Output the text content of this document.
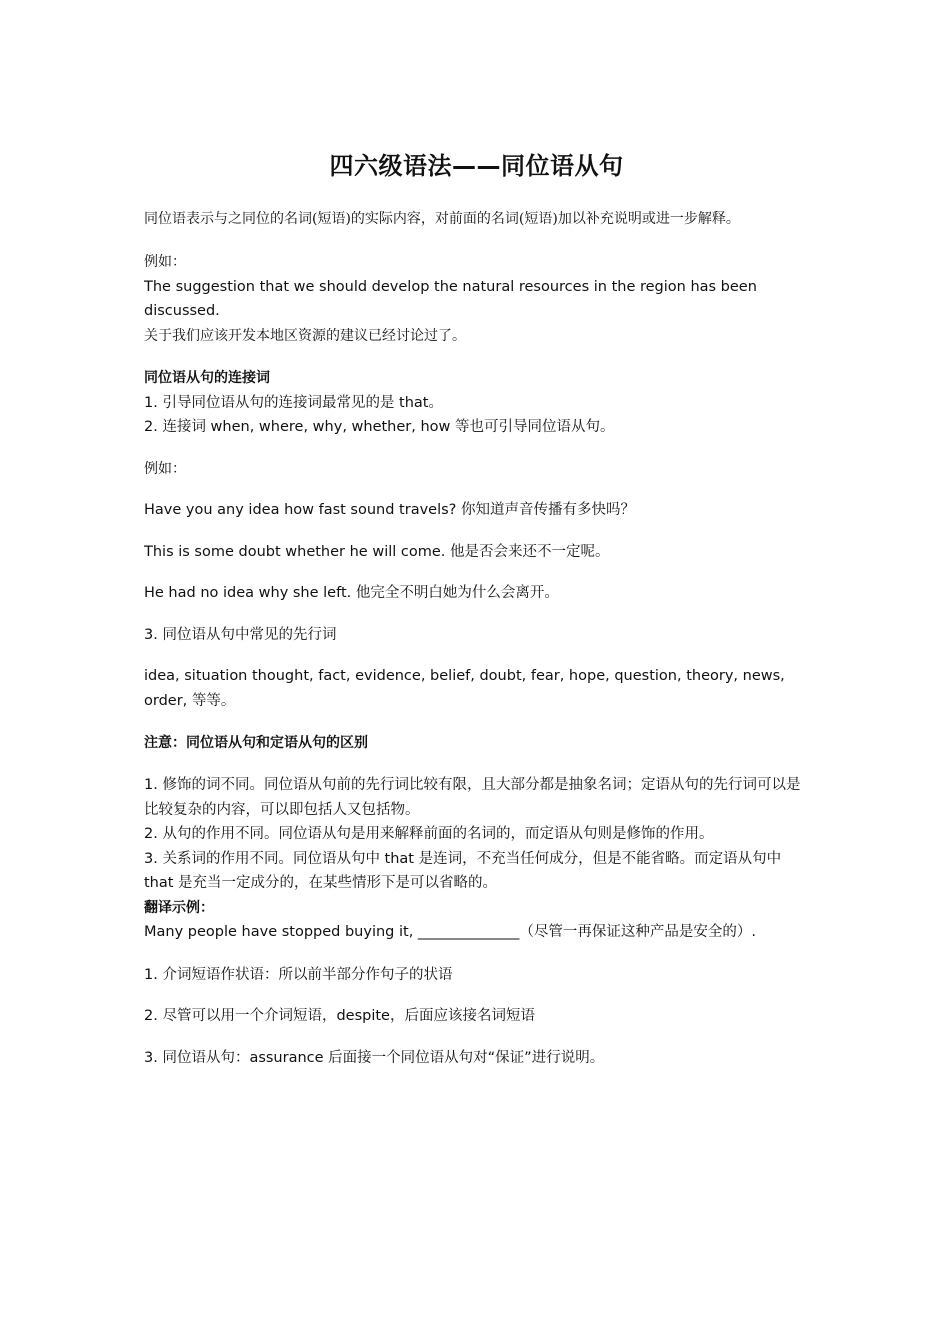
四六级语法——同位语从句

同位语表示与之同位的名词(短语)的实际内容，对前面的名词(短语)加以补充说明或进一步解释。

例如：

The suggestion that we should develop the natural resources in the region has been discussed.

关于我们应该开发本地区资源的建议已经讨论过了。

同位语从句的连接词

1. 引导同位语从句的连接词最常见的是 that。

2. 连接词 when, where, why, whether, how 等也可引导同位语从句。

例如：

Have you any idea how fast sound travels? 你知道声音传播有多快吗？

This is some doubt whether he will come. 他是否会来还不一定呢。

He had no idea why she left. 他完全不明白她为什么会离开。

3. 同位语从句中常见的先行词

idea, situation thought, fact, evidence, belief, doubt, fear, hope, question, theory, news, order, 等等。

注意：同位语从句和定语从句的区别

1. 修饰的词不同。同位语从句前的先行词比较有限，且大部分都是抽象名词；定语从句的先行词可以是比较复杂的内容，可以即包括人又包括物。

2. 从句的作用不同。同位语从句是用来解释前面的名词的，而定语从句则是修饰的作用。

3. 关系词的作用不同。同位语从句中 that 是连词，不充当任何成分，但是不能省略。而定语从句中 that 是充当一定成分的，在某些情形下是可以省略的。

翻译示例：

Many people have stopped buying it, ______________（尽管一再保证这种产品是安全的）.

1. 介词短语作状语：所以前半部分作句子的状语

2. 尽管可以用一个介词短语，despite，后面应该接名词短语

3. 同位语从句：assurance 后面接一个同位语从句对“保证”进行说明。
